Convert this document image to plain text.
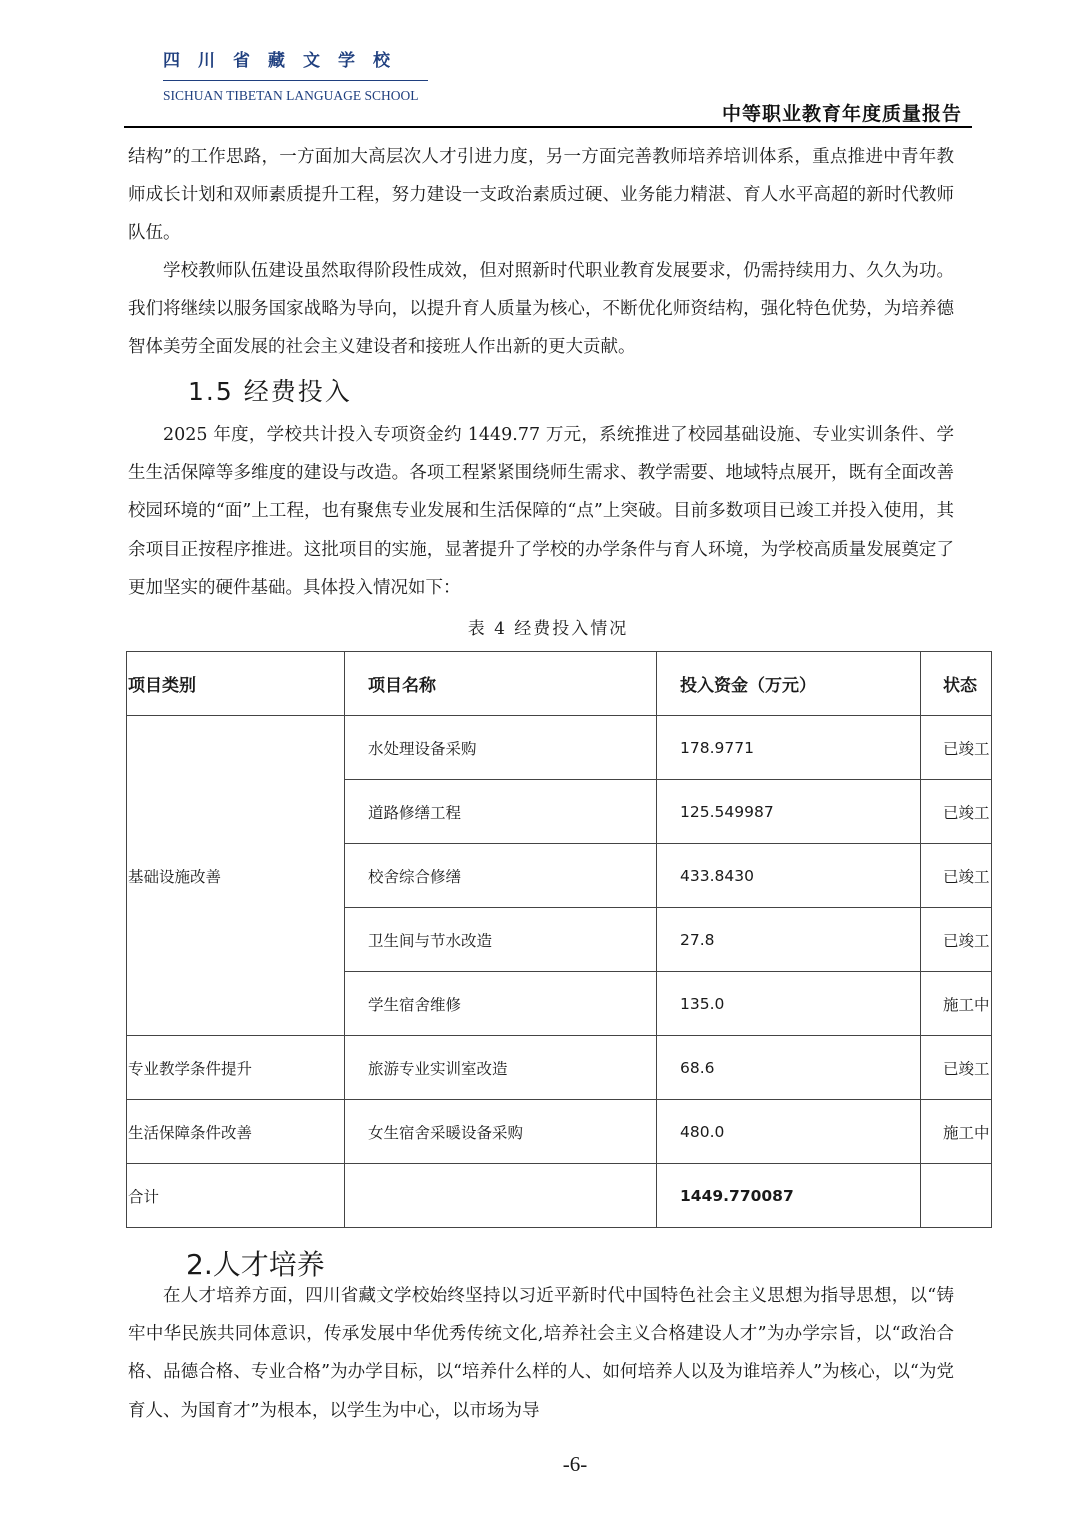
四川省藏文学校
SICHUAN TIBETAN LANGUAGE SCHOOL
中等职业教育年度质量报告

结构”的工作思路，一方面加大高层次人才引进力度，另一方面完善教师培养培训体系，重点推进中青年教师成长计划和双师素质提升工程，努力建设一支政治素质过硬、业务能力精湛、育人水平高超的新时代教师队伍。

学校教师队伍建设虽然取得阶段性成效，但对照新时代职业教育发展要求，仍需持续用力、久久为功。我们将继续以服务国家战略为导向，以提升育人质量为核心，不断优化师资结构，强化特色优势，为培养德智体美劳全面发展的社会主义建设者和接班人作出新的更大贡献。

1.5 经费投入

2025 年度，学校共计投入专项资金约 1449.77 万元，系统推进了校园基础设施、专业实训条件、学生生活保障等多维度的建设与改造。各项工程紧紧围绕师生需求、教学需要、地域特点展开，既有全面改善校园环境的“面”上工程，也有聚焦专业发展和生活保障的“点”上突破。目前多数项目已竣工并投入使用，其余项目正按程序推进。这批项目的实施，显著提升了学校的办学条件与育人环境，为学校高质量发展奠定了更加坚实的硬件基础。具体投入情况如下：

表 4 经费投入情况

项目类别	项目名称	投入资金（万元）	状态
基础设施改善	水处理设备采购	178.9771	已竣工
	道路修缮工程	125.549987	已竣工
	校舍综合修缮	433.8430	已竣工
	卫生间与节水改造	27.8	已竣工
	学生宿舍维修	135.0	施工中
专业教学条件提升	旅游专业实训室改造	68.6	已竣工
生活保障条件改善	女生宿舍采暖设备采购	480.0	施工中
合计		1449.770087	
2.人才培养

在人才培养方面，四川省藏文学校始终坚持以习近平新时代中国特色社会主义思想为指导思想，以“铸牢中华民族共同体意识，传承发展中华优秀传统文化,培养社会主义合格建设人才”为办学宗旨，以“政治合格、品德合格、专业合格”为办学目标，以“培养什么样的人、如何培养人以及为谁培养人”为核心，以“为党育人、为国育才”为根本，以学生为中心，以市场为导

-6-
